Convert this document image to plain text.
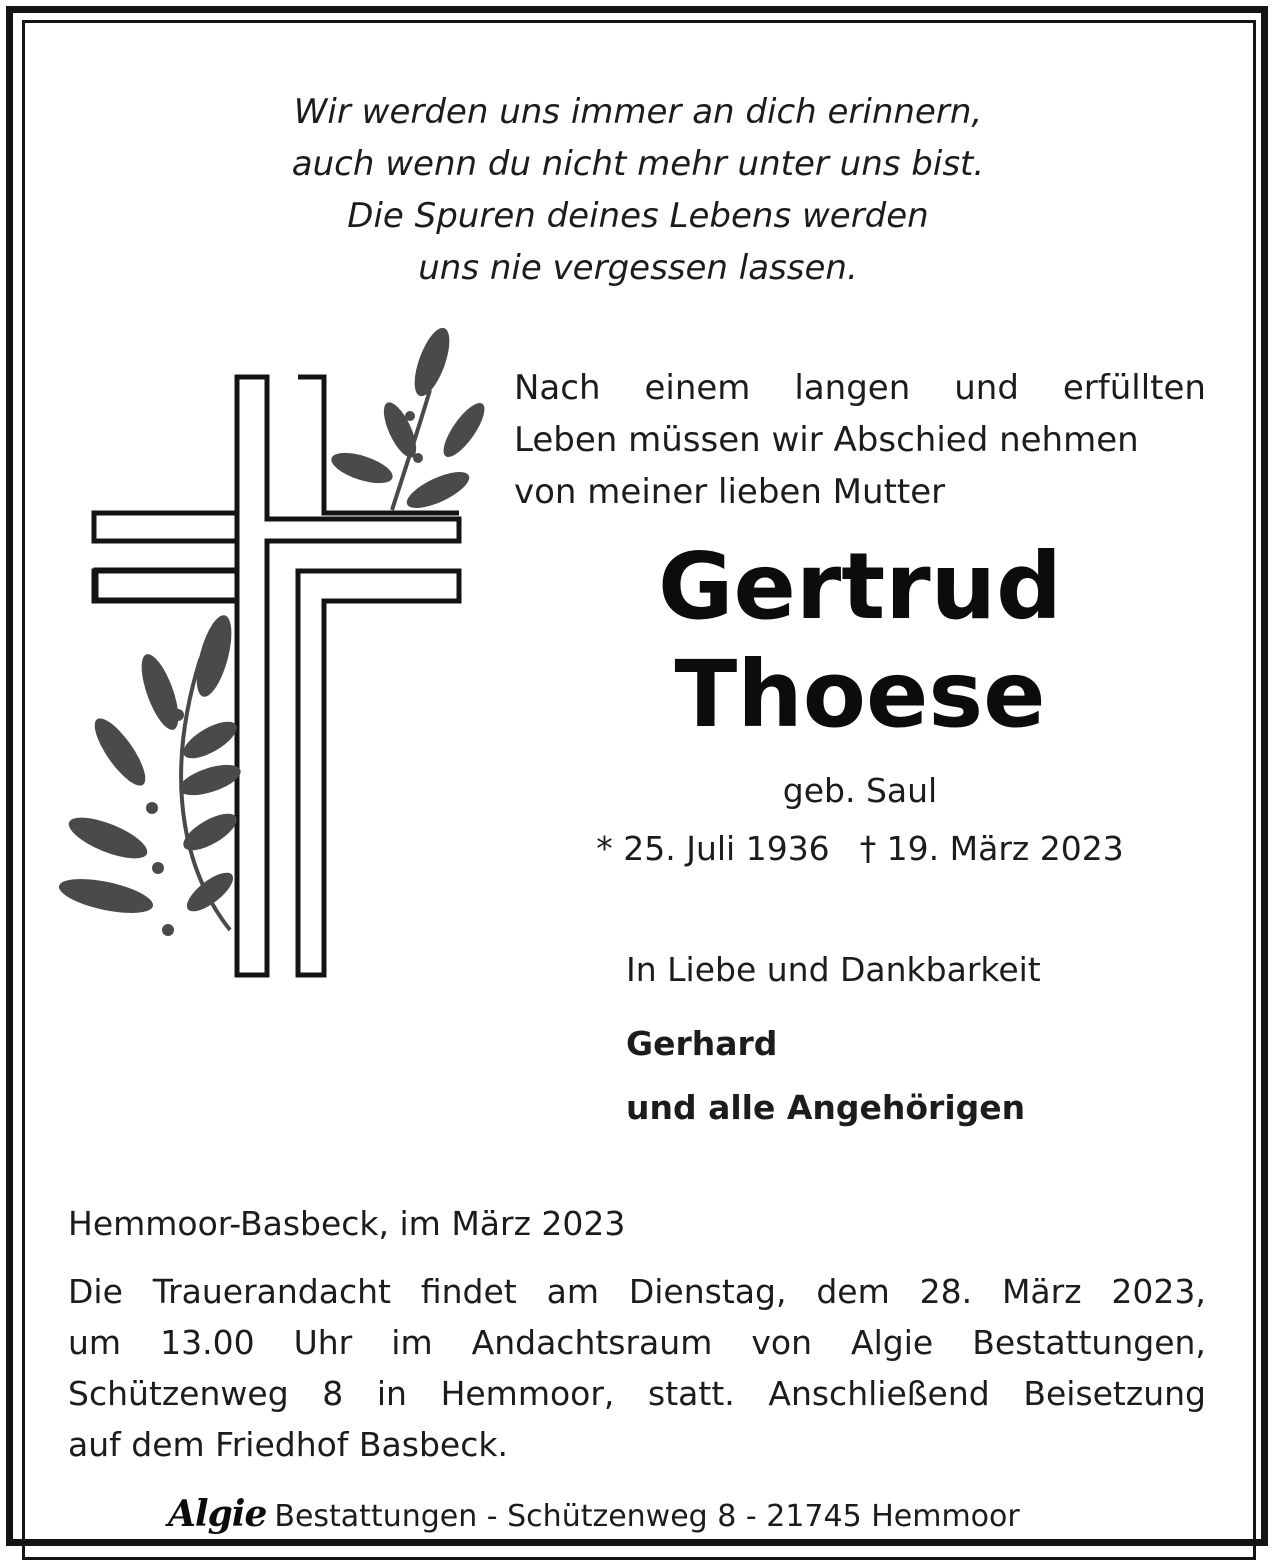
Wir werden uns immer an dich erinnern,
auch wenn du nicht mehr unter uns bist.
Die Spuren deines Lebens werden
uns nie vergessen lassen.
Nach einem langen und erfüllten
Leben müssen wir Abschied nehmen
von meiner lieben Mutter
Gertrud
Thoese
geb. Saul
* 25. Juli 1936 † 19. März 2023
In Liebe und Dankbarkeit
Gerhard
und alle Angehörigen
Hemmoor-Basbeck, im März 2023
Die Trauerandacht findet am Dienstag, dem 28. März 2023,
um 13.00 Uhr im Andachtsraum von Algie Bestattungen,
Schützenweg 8 in Hemmoor, statt. Anschließend Beisetzung
auf dem Friedhof Basbeck.
Algie Bestattungen - Schützenweg 8 - 21745 Hemmoor
